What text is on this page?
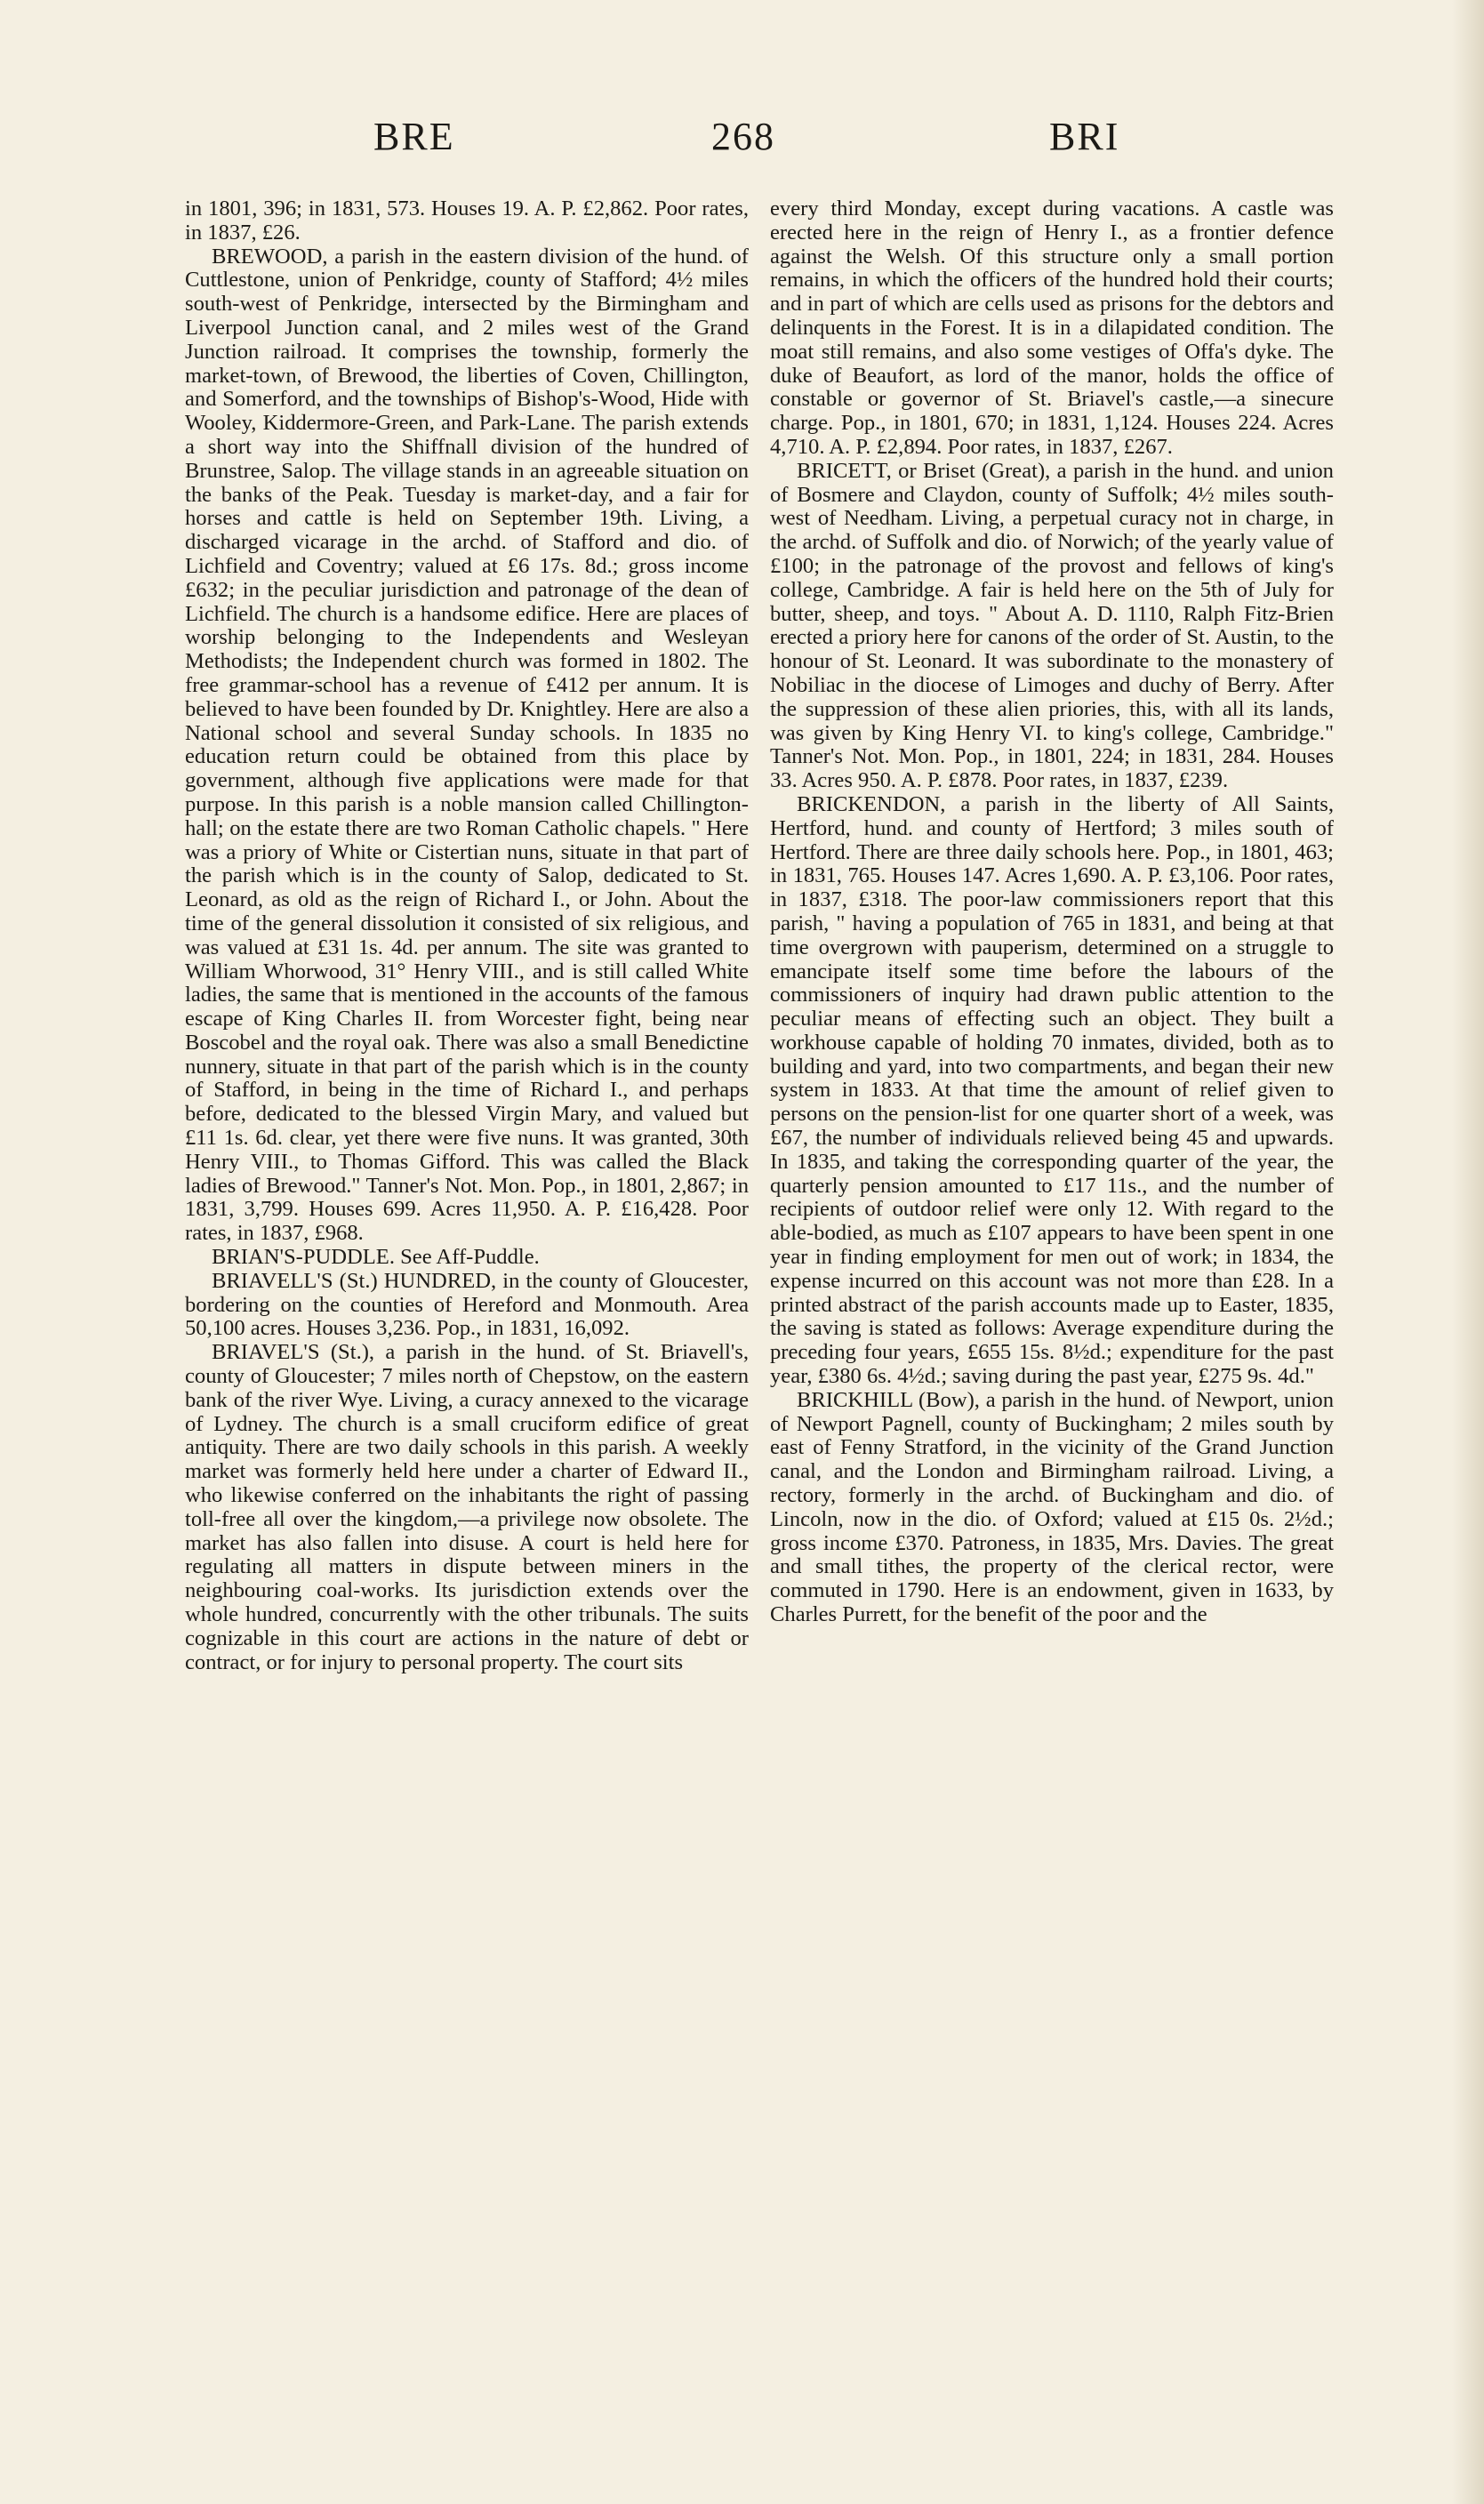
BRE	268	BRI

in 1801, 396; in 1831, 573. Houses 19. A. P. £2,862. Poor rates, in 1837, £26.

BREWOOD, a parish in the eastern division of the hund. of Cuttlestone, union of Penkridge, county of Stafford; 4½ miles south-west of Penkridge, intersected by the Birmingham and Liverpool Junction canal, and 2 miles west of the Grand Junction railroad. It comprises the township, formerly the market-town, of Brewood, the liberties of Coven, Chillington, and Somerford, and the townships of Bishop's-Wood, Hide with Wooley, Kiddermore-Green, and Park-Lane. The parish extends a short way into the Shiffnall division of the hundred of Brunstree, Salop. The village stands in an agreeable situation on the banks of the Peak. Tuesday is market-day, and a fair for horses and cattle is held on September 19th. Living, a discharged vicarage in the archd. of Stafford and dio. of Lichfield and Coventry; valued at £6 17s. 8d.; gross income £632; in the peculiar jurisdiction and patronage of the dean of Lichfield. The church is a handsome edifice. Here are places of worship belonging to the Independents and Wesleyan Methodists; the Independent church was formed in 1802. The free grammar-school has a revenue of £412 per annum. It is believed to have been founded by Dr. Knightley. Here are also a National school and several Sunday schools. In 1835 no education return could be obtained from this place by government, although five applications were made for that purpose. In this parish is a noble mansion called Chillington-hall; on the estate there are two Roman Catholic chapels. " Here was a priory of White or Cistertian nuns, situate in that part of the parish which is in the county of Salop, dedicated to St. Leonard, as old as the reign of Richard I., or John. About the time of the general dissolution it consisted of six religious, and was valued at £31 1s. 4d. per annum. The site was granted to William Whorwood, 31° Henry VIII., and is still called White ladies, the same that is mentioned in the accounts of the famous escape of King Charles II. from Worcester fight, being near Boscobel and the royal oak. There was also a small Benedictine nunnery, situate in that part of the parish which is in the county of Stafford, in being in the time of Richard I., and perhaps before, dedicated to the blessed Virgin Mary, and valued but £11 1s. 6d. clear, yet there were five nuns. It was granted, 30th Henry VIII., to Thomas Gifford. This was called the Black ladies of Brewood." Tanner's Not. Mon. Pop., in 1801, 2,867; in 1831, 3,799. Houses 699. Acres 11,950. A. P. £16,428. Poor rates, in 1837, £968.

BRIAN'S-PUDDLE. See Aff-Puddle.

BRIAVELL'S (St.) HUNDRED, in the county of Gloucester, bordering on the counties of Hereford and Monmouth. Area 50,100 acres. Houses 3,236. Pop., in 1831, 16,092.

BRIAVEL'S (St.), a parish in the hund. of St. Briavell's, county of Gloucester; 7 miles north of Chepstow, on the eastern bank of the river Wye. Living, a curacy annexed to the vicarage of Lydney. The church is a small cruciform edifice of great antiquity. There are two daily schools in this parish. A weekly market was formerly held here under a charter of Edward II., who likewise conferred on the inhabitants the right of passing toll-free all over the kingdom,—a privilege now obsolete. The market has also fallen into disuse. A court is held here for regulating all matters in dispute between miners in the neighbouring coal-works. Its jurisdiction extends over the whole hundred, concurrently with the other tribunals. The suits cognizable in this court are actions in the nature of debt or contract, or for injury to personal property. The court sits

every third Monday, except during vacations. A castle was erected here in the reign of Henry I., as a frontier defence against the Welsh. Of this structure only a small portion remains, in which the officers of the hundred hold their courts; and in part of which are cells used as prisons for the debtors and delinquents in the Forest. It is in a dilapidated condition. The moat still remains, and also some vestiges of Offa's dyke. The duke of Beaufort, as lord of the manor, holds the office of constable or governor of St. Briavel's castle,—a sinecure charge. Pop., in 1801, 670; in 1831, 1,124. Houses 224. Acres 4,710. A. P. £2,894. Poor rates, in 1837, £267.

BRICETT, or Briset (Great), a parish in the hund. and union of Bosmere and Claydon, county of Suffolk; 4½ miles south-west of Needham. Living, a perpetual curacy not in charge, in the archd. of Suffolk and dio. of Norwich; of the yearly value of £100; in the patronage of the provost and fellows of king's college, Cambridge. A fair is held here on the 5th of July for butter, sheep, and toys. " About A. D. 1110, Ralph Fitz-Brien erected a priory here for canons of the order of St. Austin, to the honour of St. Leonard. It was subordinate to the monastery of Nobiliac in the diocese of Limoges and duchy of Berry. After the suppression of these alien priories, this, with all its lands, was given by King Henry VI. to king's college, Cambridge." Tanner's Not. Mon. Pop., in 1801, 224; in 1831, 284. Houses 33. Acres 950. A. P. £878. Poor rates, in 1837, £239.

BRICKENDON, a parish in the liberty of All Saints, Hertford, hund. and county of Hertford; 3 miles south of Hertford. There are three daily schools here. Pop., in 1801, 463; in 1831, 765. Houses 147. Acres 1,690. A. P. £3,106. Poor rates, in 1837, £318. The poor-law commissioners report that this parish, " having a population of 765 in 1831, and being at that time overgrown with pauperism, determined on a struggle to emancipate itself some time before the labours of the commissioners of inquiry had drawn public attention to the peculiar means of effecting such an object. They built a workhouse capable of holding 70 inmates, divided, both as to building and yard, into two compartments, and began their new system in 1833. At that time the amount of relief given to persons on the pension-list for one quarter short of a week, was £67, the number of individuals relieved being 45 and upwards. In 1835, and taking the corresponding quarter of the year, the quarterly pension amounted to £17 11s., and the number of recipients of outdoor relief were only 12. With regard to the able-bodied, as much as £107 appears to have been spent in one year in finding employment for men out of work; in 1834, the expense incurred on this account was not more than £28. In a printed abstract of the parish accounts made up to Easter, 1835, the saving is stated as follows: Average expenditure during the preceding four years, £655 15s. 8½d.; expenditure for the past year, £380 6s. 4½d.; saving during the past year, £275 9s. 4d."

BRICKHILL (Bow), a parish in the hund. of Newport, union of Newport Pagnell, county of Buckingham; 2 miles south by east of Fenny Stratford, in the vicinity of the Grand Junction canal, and the London and Birmingham railroad. Living, a rectory, formerly in the archd. of Buckingham and dio. of Lincoln, now in the dio. of Oxford; valued at £15 0s. 2½d.; gross income £370. Patroness, in 1835, Mrs. Davies. The great and small tithes, the property of the clerical rector, were commuted in 1790. Here is an endowment, given in 1633, by Charles Purrett, for the benefit of the poor and the
